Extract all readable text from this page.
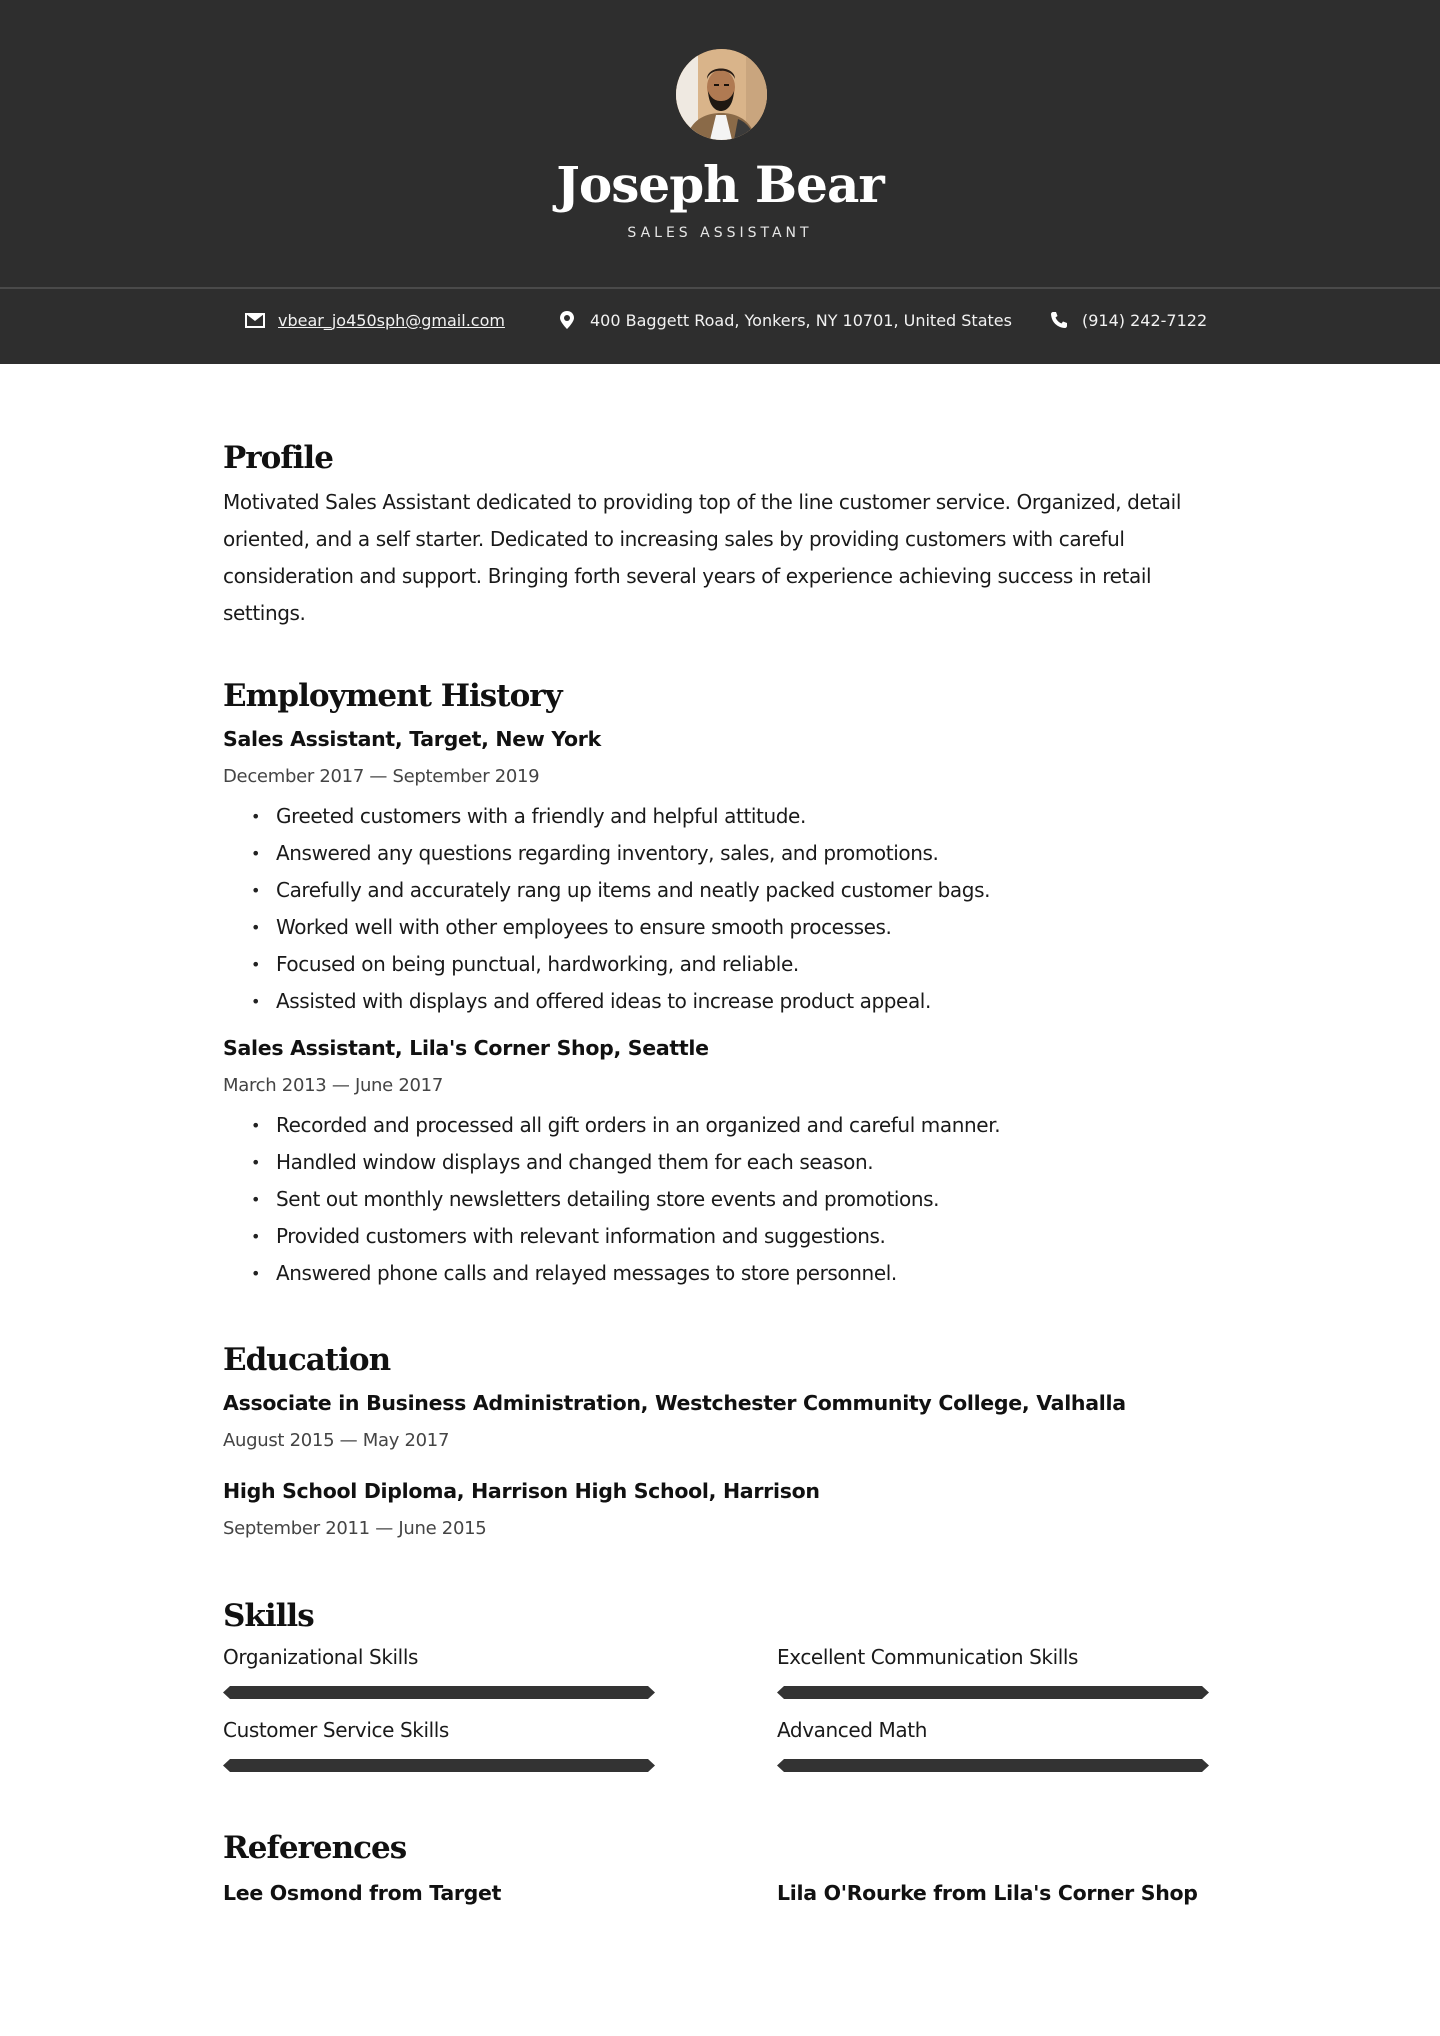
Joseph Bear
SALES ASSISTANT
vbear_jo450sph@gmail.com	400 Baggett Road, Yonkers, NY 10701, United States	(914) 242-7122
Profile
Motivated Sales Assistant dedicated to providing top of the line customer service. Organized, detail oriented, and a self starter. Dedicated to increasing sales by providing customers with careful consideration and support. Bringing forth several years of experience achieving success in retail settings.
Employment History
Sales Assistant, Target, New York
December 2017 — September 2019
• Greeted customers with a friendly and helpful attitude.
• Answered any questions regarding inventory, sales, and promotions.
• Carefully and accurately rang up items and neatly packed customer bags.
• Worked well with other employees to ensure smooth processes.
• Focused on being punctual, hardworking, and reliable.
• Assisted with displays and offered ideas to increase product appeal.
Sales Assistant, Lila's Corner Shop, Seattle
March 2013 — June 2017
• Recorded and processed all gift orders in an organized and careful manner.
• Handled window displays and changed them for each season.
• Sent out monthly newsletters detailing store events and promotions.
• Provided customers with relevant information and suggestions.
• Answered phone calls and relayed messages to store personnel.
Education
Associate in Business Administration, Westchester Community College, Valhalla
August 2015 — May 2017
High School Diploma, Harrison High School, Harrison
September 2011 — June 2015
Skills
Organizational Skills	Excellent Communication Skills
Customer Service Skills	Advanced Math
References
Lee Osmond from Target	Lila O'Rourke from Lila's Corner Shop
